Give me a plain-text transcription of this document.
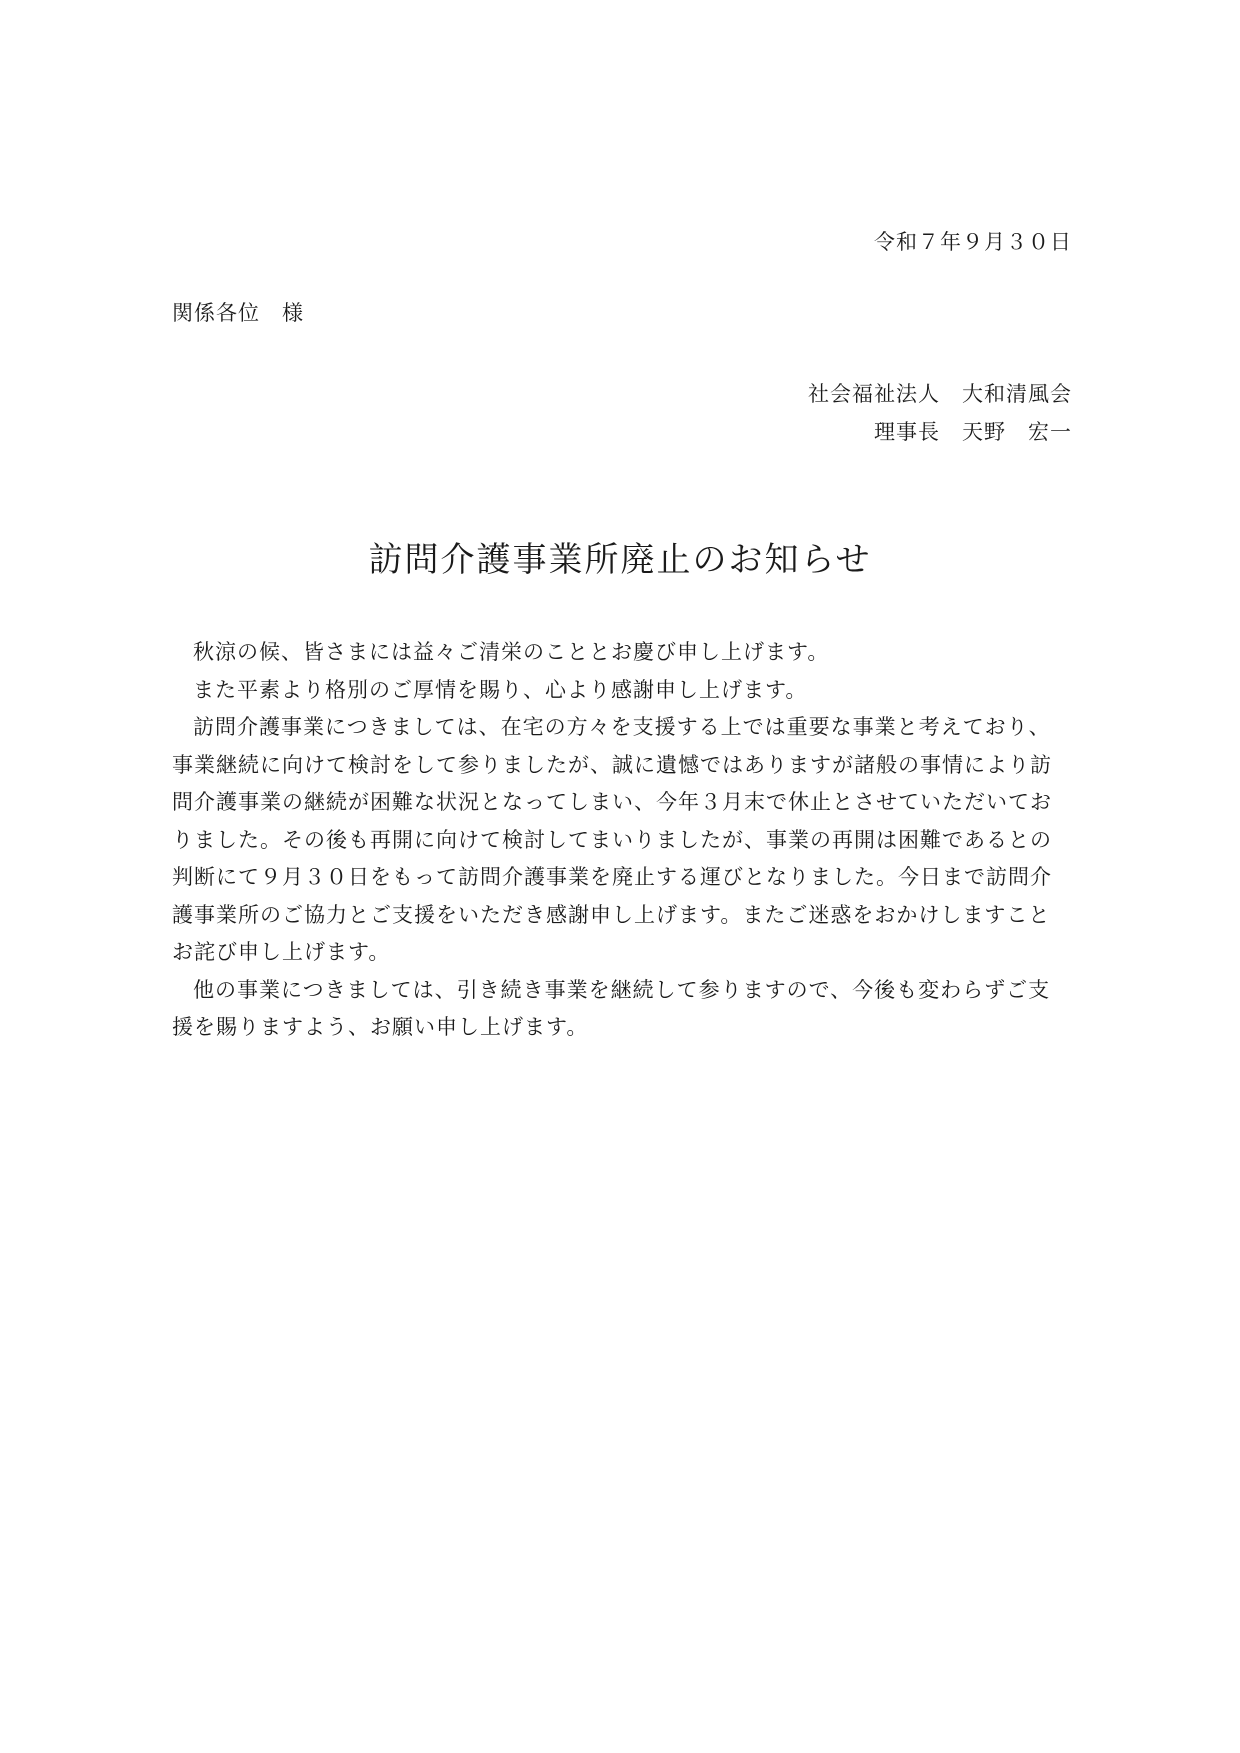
令和７年９月３０日
関係各位　様
社会福祉法人　大和清風会
理事長　天野　宏一
訪問介護事業所廃止のお知らせ

秋涼の候、皆さまには益々ご清栄のこととお慶び申し上げます。

また平素より格別のご厚情を賜り、心より感謝申し上げます。

訪問介護事業につきましては、在宅の方々を支援する上では重要な事業と考えており、事業継続に向けて検討をして参りましたが、誠に遺憾ではありますが諸般の事情により訪問介護事業の継続が困難な状況となってしまい、今年３月末で休止とさせていただいておりました。その後も再開に向けて検討してまいりましたが、事業の再開は困難であるとの判断にて９月３０日をもって訪問介護事業を廃止する運びとなりました。今日まで訪問介護事業所のご協力とご支援をいただき感謝申し上げます。またご迷惑をおかけしますことお詫び申し上げます。

他の事業につきましては、引き続き事業を継続して参りますので、今後も変わらずご支援を賜りますよう、お願い申し上げます。
